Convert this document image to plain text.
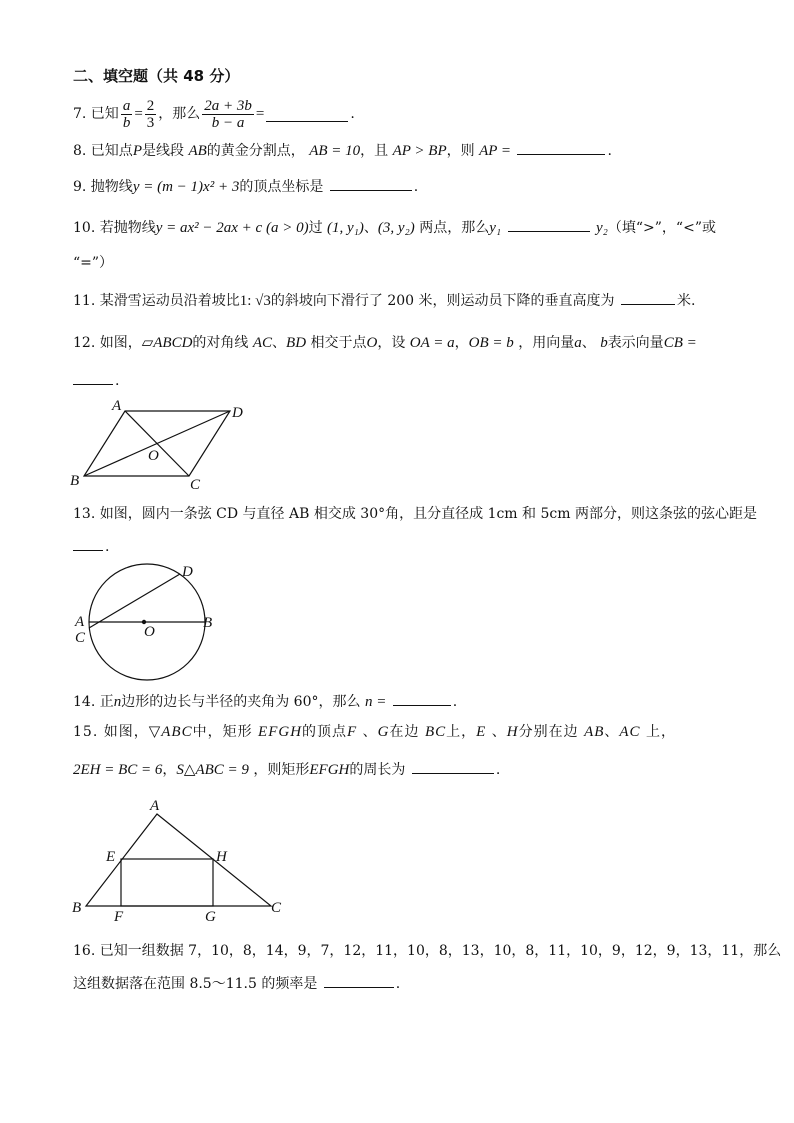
二、填空题（共 48 分）
7. 已知 $\frac{a}{b} = \frac{2}{3}$ ，那么 $\frac{2a + 3b}{b - a}$ =	.
8. 已知点P是线段 AB的黄金分割点， AB = 10，且 AP > BP，则 AP =	.
9. 抛物线y = (m − 1)x² + 3的顶点坐标是	.
10. 若抛物线y = ax² − 2ax + c (a > 0)过 (1, y₁)、(3, y₂) 两点，那么y₁	y₂（填“>”，“<”或
“=”）
11. 某滑雪运动员沿着坡比1: √3的斜坡向下滑行了 200 米，则运动员下降的垂直高度为	米.
12. 如图，▱ABCD的对角线 AC、BD 相交于点O，设 OA = a，OB = b ，用向量a、 b表示向量CB =
.
A	D
B	C
O
13. 如图，圆内一条弦 CD 与直径 AB 相交成 30°角，且分直径成 1cm 和 5cm 两部分，则这条弦的弦心距是
.
D
A
C	O
B
14. 正n边形的边长与半径的夹角为 60°，那么 n =	.
15. 如图，▽ABC中，矩形 EFGH的顶点F 、G在边 BC上，E 、H分别在边 AB、AC 上，
2EH = BC = 6，S△ABC = 9 ，则矩形EFGH的周长为	.
A
E	H
B
F	G
C
16. 已知一组数据 7，10，8，14，9，7，12，11，10，8，13，10，8，11，10，9，12，9，13，11，那么
这组数据落在范围 8.5～11.5 的频率是	.
